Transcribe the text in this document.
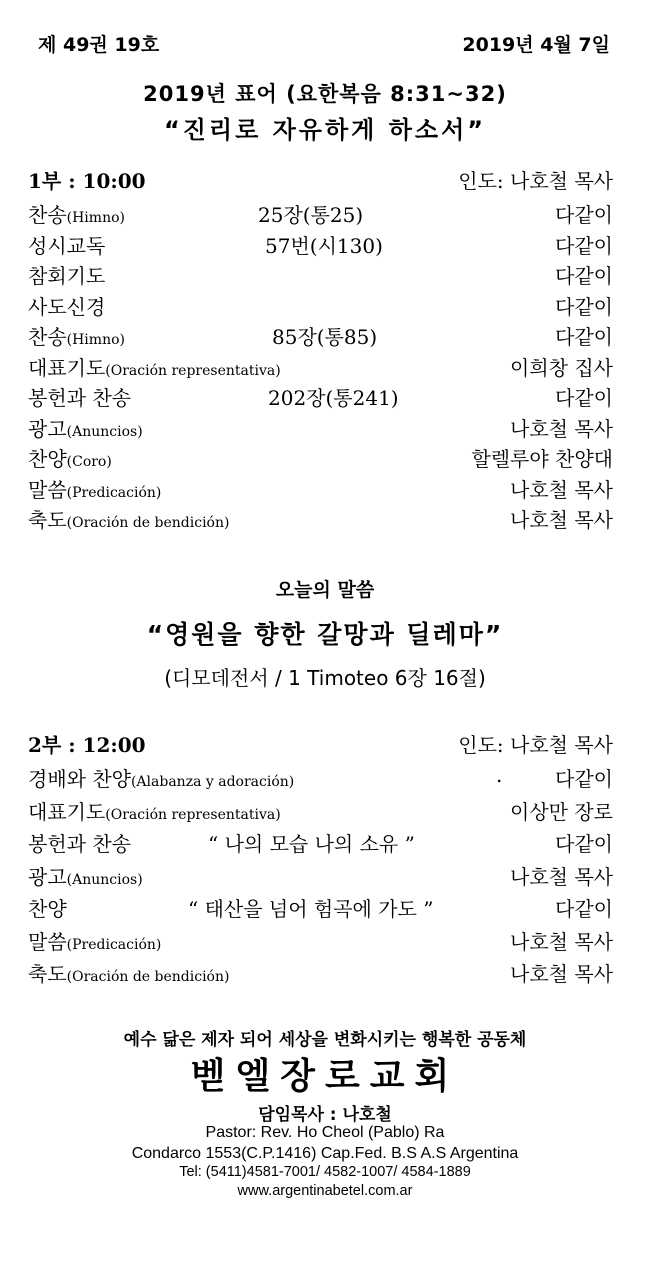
제 49권 19호	2019년 4월 7일
2019년 표어 (요한복음 8:31~32)
“진리로 자유하게 하소서”
1부 : 10:00	인도: 나호철 목사
찬송(Himno)	25장(통25)	다같이
성시교독	57번(시130)	다같이
참회기도	다같이
사도신경	다같이
찬송(Himno)	85장(통85)	다같이
대표기도(Oración representativa)	이희창 집사
봉헌과 찬송	202장(통241)	다같이
광고(Anuncios)	나호철 목사
찬양(Coro)	할렐루야 찬양대
말씀(Predicación)	나호철 목사
축도(Oración de bendición)	나호철 목사
오늘의 말씀
“영원을 향한 갈망과 딜레마”
(디모데전서 / 1 Timoteo 6장 16절)
2부 : 12:00	인도: 나호철 목사
경배와 찬양(Alabanza y adoración)	.	다같이
대표기도(Oración representativa)	이상만 장로
봉헌과 찬송	“ 나의 모습 나의 소유 ”	다같이
광고(Anuncios)	나호철 목사
찬양	“ 태산을 넘어 험곡에 가도 ”	다같이
말씀(Predicación)	나호철 목사
축도(Oración de bendición)	나호철 목사
예수 닮은 제자 되어 세상을 변화시키는 행복한 공동체
벧엘장로교회
담임목사 : 나호철
Pastor: Rev. Ho Cheol (Pablo) Ra
Condarco 1553(C.P.1416) Cap.Fed. B.S A.S Argentina
Tel: (5411)4581-7001/ 4582-1007/ 4584-1889
www.argentinabetel.com.ar
